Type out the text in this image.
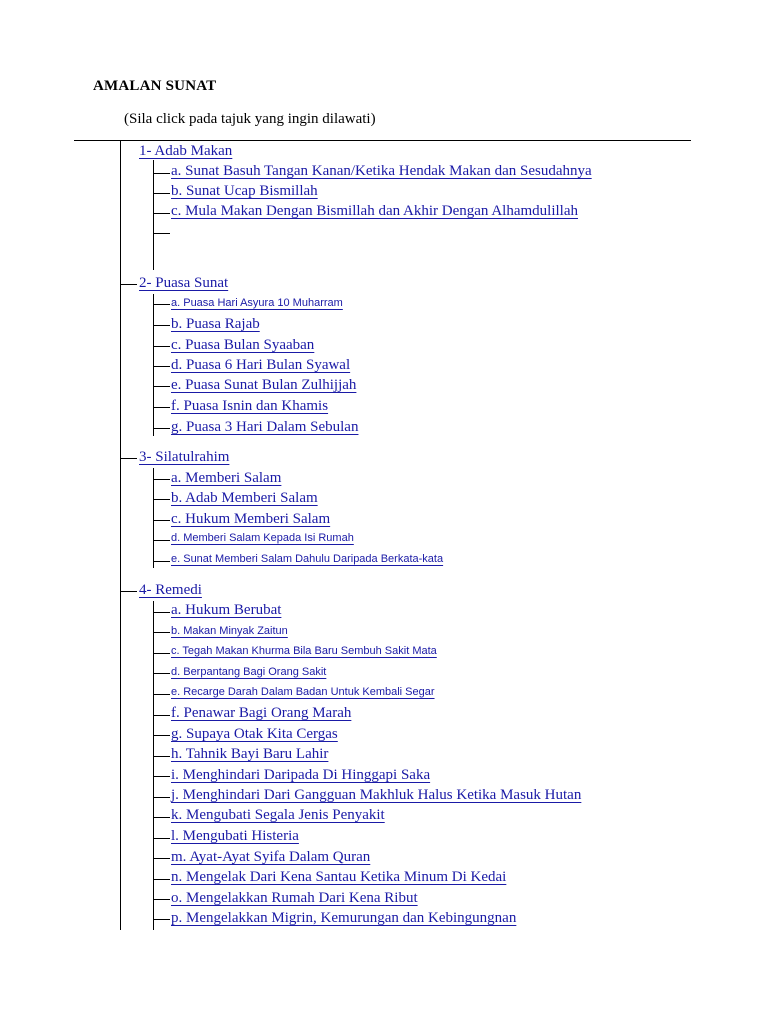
AMALAN SUNAT
(Sila click pada tajuk yang ingin dilawati)
1- Adab Makan
a. Sunat Basuh Tangan Kanan/Ketika Hendak Makan dan Sesudahnya
b. Sunat Ucap Bismillah
c. Mula Makan Dengan Bismillah dan Akhir Dengan Alhamdulillah
2- Puasa Sunat
a. Puasa Hari Asyura 10 Muharram
b. Puasa Rajab
c. Puasa Bulan Syaaban
d. Puasa 6 Hari Bulan Syawal
e. Puasa Sunat Bulan Zulhijjah
f. Puasa Isnin dan Khamis
g. Puasa 3 Hari Dalam Sebulan
3- Silatulrahim
a. Memberi Salam
b. Adab Memberi Salam
c. Hukum Memberi Salam
d. Memberi Salam Kepada Isi Rumah
e. Sunat Memberi Salam Dahulu Daripada Berkata-kata
4- Remedi
a. Hukum Berubat
b. Makan Minyak Zaitun
c. Tegah Makan Khurma Bila Baru Sembuh Sakit Mata
d. Berpantang Bagi Orang Sakit
e. Recarge Darah Dalam Badan Untuk Kembali Segar
f. Penawar Bagi Orang Marah
g. Supaya Otak Kita Cergas
h. Tahnik Bayi Baru Lahir
i. Menghindari Daripada Di Hinggapi Saka
j. Menghindari Dari Gangguan Makhluk Halus Ketika Masuk Hutan
k. Mengubati Segala Jenis Penyakit
l. Mengubati Histeria
m. Ayat-Ayat Syifa Dalam Quran
n. Mengelak Dari Kena Santau Ketika Minum Di Kedai
o. Mengelakkan Rumah Dari Kena Ribut
p. Mengelakkan Migrin, Kemurungan dan Kebingungnan
